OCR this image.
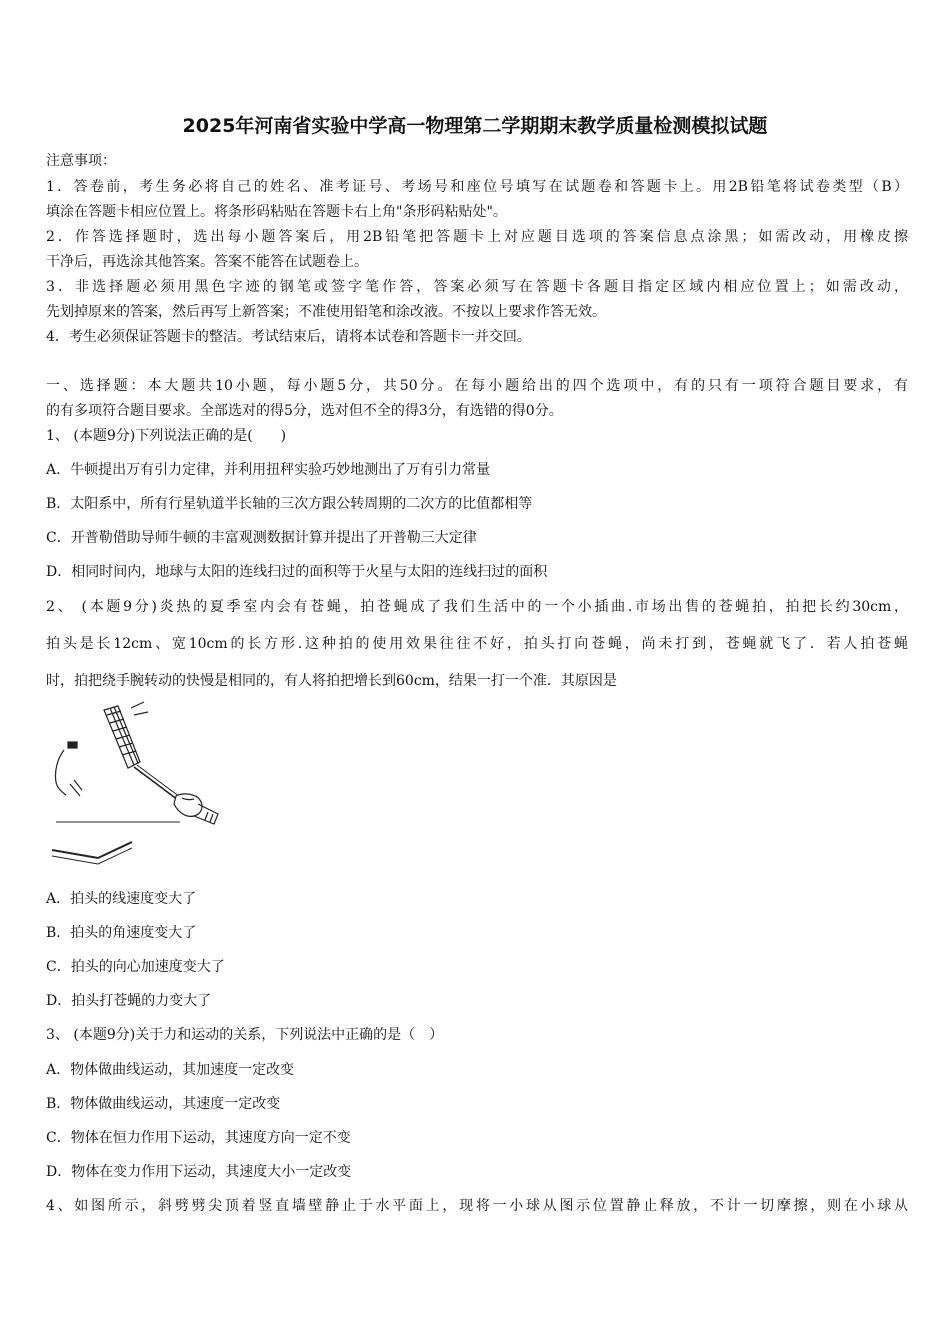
2025年河南省实验中学高一物理第二学期期末教学质量检测模拟试题
注意事项：
1．答卷前，考生务必将自己的姓名、准考证号、考场号和座位号填写在试题卷和答题卡上。用2B铅笔将试卷类型（B）
填涂在答题卡相应位置上。将条形码粘贴在答题卡右上角"条形码粘贴处"。
2．作答选择题时，选出每小题答案后，用2B铅笔把答题卡上对应题目选项的答案信息点涂黑；如需改动，用橡皮擦
干净后，再选涂其他答案。答案不能答在试题卷上。
3．非选择题必须用黑色字迹的钢笔或签字笔作答，答案必须写在答题卡各题目指定区域内相应位置上；如需改动，
先划掉原来的答案，然后再写上新答案；不准使用铅笔和涂改液。不按以上要求作答无效。
4．考生必须保证答题卡的整洁。考试结束后，请将本试卷和答题卡一并交回。
一、选择题：本大题共10小题，每小题5分，共50分。在每小题给出的四个选项中，有的只有一项符合题目要求，有
的有多项符合题目要求。全部选对的得5分，选对但不全的得3分，有选错的得0分。
1、 (本题9分)下列说法正确的是(　　)
A．牛顿提出万有引力定律，并利用扭秤实验巧妙地测出了万有引力常量
B．太阳系中，所有行星轨道半长轴的三次方跟公转周期的二次方的比值都相等
C．开普勒借助导师牛顿的丰富观测数据计算并提出了开普勒三大定律
D．相同时间内，地球与太阳的连线扫过的面积等于火星与太阳的连线扫过的面积
2、 (本题9分)炎热的夏季室内会有苍蝇，拍苍蝇成了我们生活中的一个小插曲.市场出售的苍蝇拍，拍把长约30cm，
拍头是长12cm、宽10cm的长方形.这种拍的使用效果往往不好，拍头打向苍蝇，尚未打到，苍蝇就飞了．若人拍苍蝇
时，拍把绕手腕转动的快慢是相同的，有人将拍把增长到60cm，结果一打一个准．其原因是
A．拍头的线速度变大了
B．拍头的角速度变大了
C．拍头的向心加速度变大了
D．拍头打苍蝇的力变大了
3、 (本题9分)关于力和运动的关系，下列说法中正确的是（　）
A．物体做曲线运动，其加速度一定改变
B．物体做曲线运动，其速度一定改变
C．物体在恒力作用下运动，其速度方向一定不变
D．物体在变力作用下运动，其速度大小一定改变
4、如图所示，斜劈劈尖顶着竖直墙壁静止于水平面上，现将一小球从图示位置静止释放，不计一切摩擦，则在小球从
